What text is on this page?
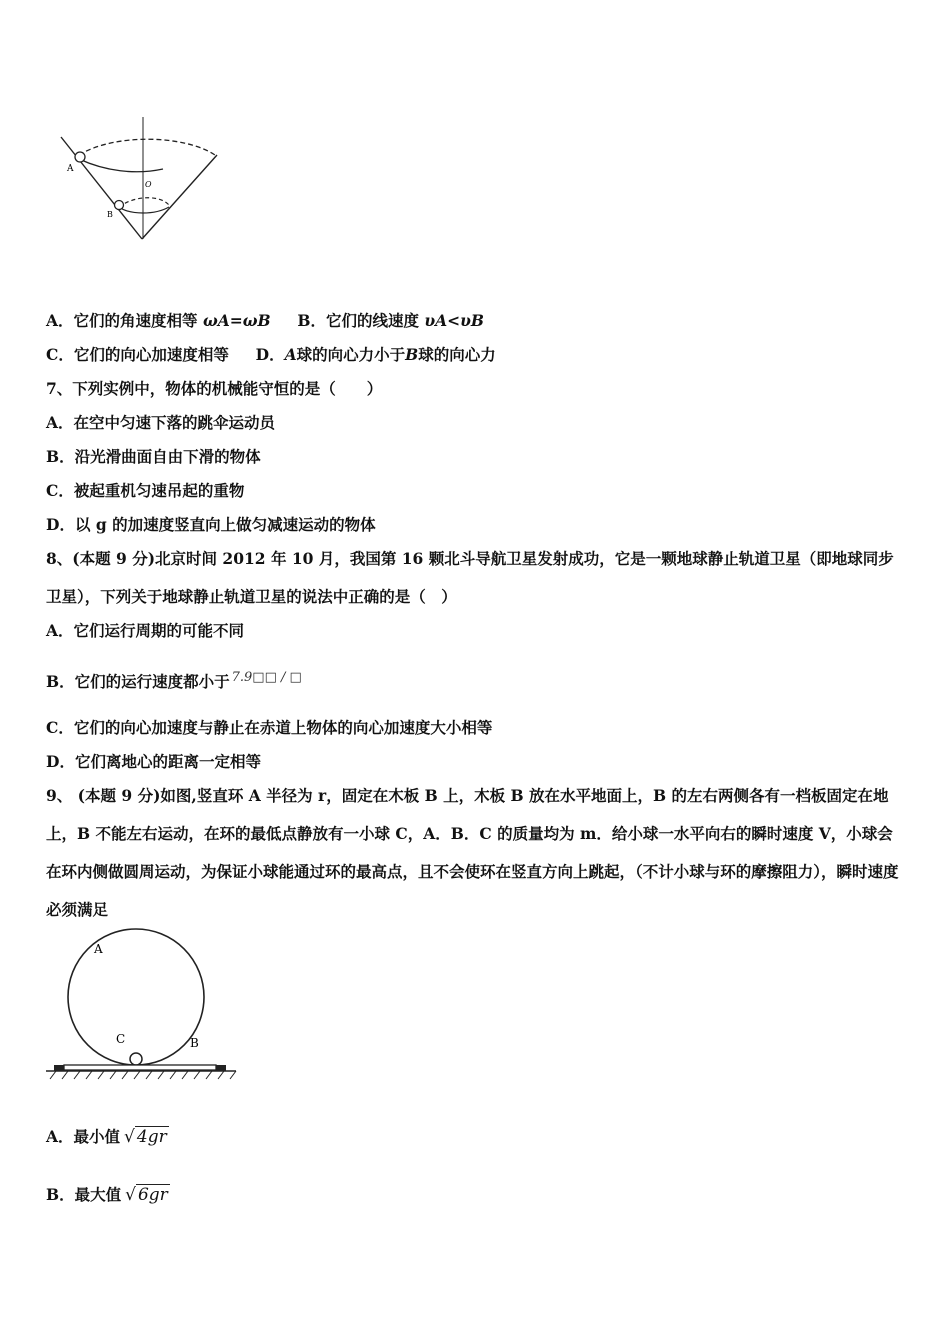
A
B
O
A．它们的角速度相等 ωA=ωB B．它们的线速度 υA<υB
C．它们的向心加速度相等 D．A球的向心力小于B球的向心力
7、下列实例中，物体的机械能守恒的是（　　）
A．在空中匀速下落的跳伞运动员
B．沿光滑曲面自由下滑的物体
C．被起重机匀速吊起的重物
D．以 g 的加速度竖直向上做匀减速运动的物体
8、(本题 9 分)北京时间 2012 年 10 月，我国第 16 颗北斗导航卫星发射成功，它是一颗地球静止轨道卫星（即地球同步卫星），下列关于地球静止轨道卫星的说法中正确的是（　）
A．它们运行周期的可能不同
B．它们的运行速度都小于 $^{7.9□□ / □}$
C．它们的向心加速度与静止在赤道上物体的向心加速度大小相等
D．它们离地心的距离一定相等
9、 (本题 9 分)如图,竖直环 A 半径为 r，固定在木板 B 上，木板 B 放在水平地面上，B 的左右两侧各有一档板固定在地上，B 不能左右运动，在环的最低点静放有一小球 C，A．B．C 的质量均为 m．给小球一水平向右的瞬时速度 V，小球会在环内侧做圆周运动，为保证小球能通过环的最高点，且不会使环在竖直方向上跳起，（不计小球与环的摩擦阻力），瞬时速度必须满足
A
C	B
A．最小值 √ 4gr
B．最大值 √ 6gr
